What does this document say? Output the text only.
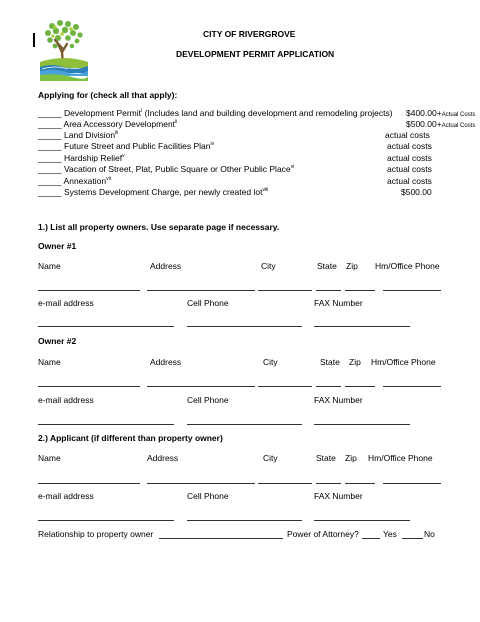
CITY OF RIVERGROVE
DEVELOPMENT PERMIT APPLICATION
Applying for (check all that apply):
_____ Development Permit$^i$ (Includes land and building development and remodeling projects) $400.00+Actual Costs
_____ Area Accessory Development$^{ii}$	$500.00+Actual Costs
_____ Land Division$^{iii}$	actual costs
_____ Future Street and Public Facilities Plan$^{iv}$	actual costs
_____ Hardship Relief$^v$	actual costs
_____ Vacation of Street, Plat, Public Square or Other Public Place$^{vi}$	actual costs
_____ Annexation$^{vii}$	actual costs
_____ Systems Development Charge, per newly created lot$^{viii}$	$500.00
1.) List all property owners. Use separate page if necessary.
Owner #1
Name	Address	City	State Zip Hm/Office Phone
e-mail address	Cell Phone	FAX Number
Owner #2
Name	Address	City	State Zip Hm/Office Phone
e-mail address	Cell Phone	FAX Number
2.) Applicant (if different than property owner)
Name	Address	City	State Zip Hm/Office Phone
e-mail address	Cell Phone	FAX Number
Relationship to property owner	Power of Attorney?	Yes	No
